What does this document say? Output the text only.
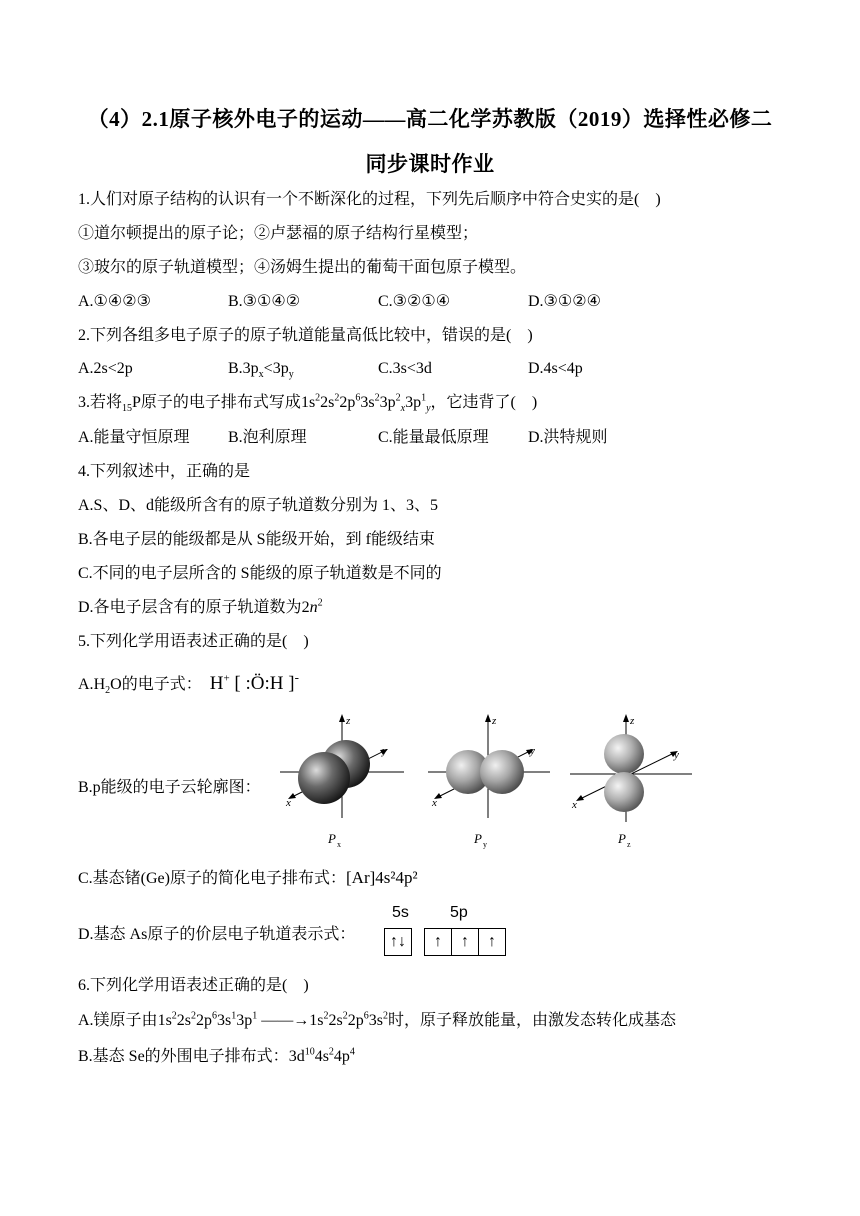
（4）2.1原子核外电子的运动——高二化学苏教版（2019）选择性必修二
同步课时作业
1.人们对原子结构的认识有一个不断深化的过程，下列先后顺序中符合史实的是(　)
①道尔顿提出的原子论；②卢瑟福的原子结构行星模型；
③玻尔的原子轨道模型；④汤姆生提出的葡萄干面包原子模型。
A.①④②③	B.③①④②	C.③②①④	D.③①②④
2.下列各组多电子原子的原子轨道能量高低比较中，错误的是(　)
A.2s<2p	$B.3p_x<3p_y$	C.3s<3d	D.4s<4p
3.若将$_{15}$P原子的电子排布式写成$1s^22s^22p^63s^23p^2_x3p^1_y$，它违背了(　)
A.能量守恒原理 B.泡利原理	C.能量最低原理 D.洪特规则
4.下列叙述中，正确的是
A.S、D、d能级所含有的原子轨道数分别为 1、3、5
B.各电子层的能级都是从 S能级开始，到 f能级结束
C.不同的电子层所含的 S能级的原子轨道数是不同的
D.各电子层含有的原子轨道数为$2n^2$
5.下列化学用语表述正确的是(　)
$A.H_2O$的电子式： H+ [ :Ö:H ]-
B.p能级的电子云轮廓图：
z
y
x
P x
z
y
x
P y
z
y
x
P z
C.基态锗(Ge)原子的简化电子排布式：[Ar]4s²4p²
D.基态 As原子的价层电子轨道表示式：
5s	5p
↑↓ ↑ ↑ ↑
6.下列化学用语表述正确的是(　)
A.镁原子由$1s^22s^22p^63s^13p^1$ $——\to 1s^22s^22p^63s^2$时，原子释放能量，由激发态转化成基态
B.基态 Se的外围电子排布式：$3d^{10}4s^24p^4$
